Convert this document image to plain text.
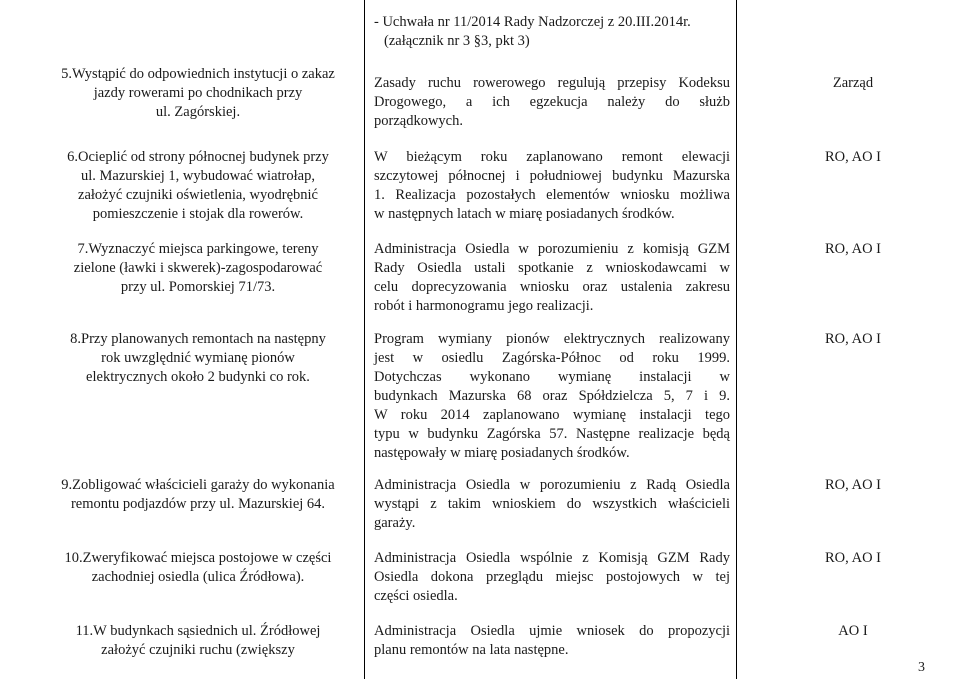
- Uchwała nr 11/2014 Rady Nadzorczej z 20.III.2014r.
(załącznik nr 3 §3, pkt 3)
5.Wystąpić do odpowiednich instytucji o zakaz
jazdy rowerami po chodnikach przy
ul. Zagórskiej.
Zasady ruchu rowerowego regulują przepisy Kodeksu
Drogowego, a ich egzekucja należy do służb
porządkowych.
Zarząd
6.Ocieplić od strony północnej budynek przy
ul. Mazurskiej 1, wybudować wiatrołap,
założyć czujniki oświetlenia, wyodrębnić
pomieszczenie i stojak dla rowerów.
W bieżącym roku zaplanowano remont elewacji
szczytowej północnej i południowej budynku Mazurska
1. Realizacja pozostałych elementów wniosku możliwa
w następnych latach w miarę posiadanych środków.
RO, AO I
7.Wyznaczyć miejsca parkingowe, tereny
zielone (ławki i skwerek)-zagospodarować
przy ul. Pomorskiej 71/73.
Administracja Osiedla w porozumieniu z komisją GZM
Rady Osiedla ustali spotkanie z wnioskodawcami w
celu doprecyzowania wniosku oraz ustalenia zakresu
robót i harmonogramu jego realizacji.
RO, AO I
8.Przy planowanych remontach na następny
rok uwzględnić wymianę pionów
elektrycznych około 2 budynki co rok.
Program wymiany pionów elektrycznych realizowany
jest w osiedlu Zagórska-Północ od roku 1999.
Dotychczas wykonano wymianę instalacji w
budynkach Mazurska 68 oraz Spółdzielcza 5, 7 i 9.
W roku 2014 zaplanowano wymianę instalacji tego
typu w budynku Zagórska 57. Następne realizacje będą
następowały w miarę posiadanych środków.
RO, AO I
9.Zobligować właścicieli garaży do wykonania
remontu podjazdów przy ul. Mazurskiej 64.
Administracja Osiedla w porozumieniu z Radą Osiedla
wystąpi z takim wnioskiem do wszystkich właścicieli
garaży.
RO, AO I
10.Zweryfikować miejsca postojowe w części
zachodniej osiedla (ulica Źródłowa).
Administracja Osiedla wspólnie z Komisją GZM Rady
Osiedla dokona przeglądu miejsc postojowych w tej
części osiedla.
RO, AO I
11.W budynkach sąsiednich ul. Źródłowej
założyć czujniki ruchu (zwiększy
Administracja Osiedla ujmie wniosek do propozycji
planu remontów na lata następne.
AO I
3
